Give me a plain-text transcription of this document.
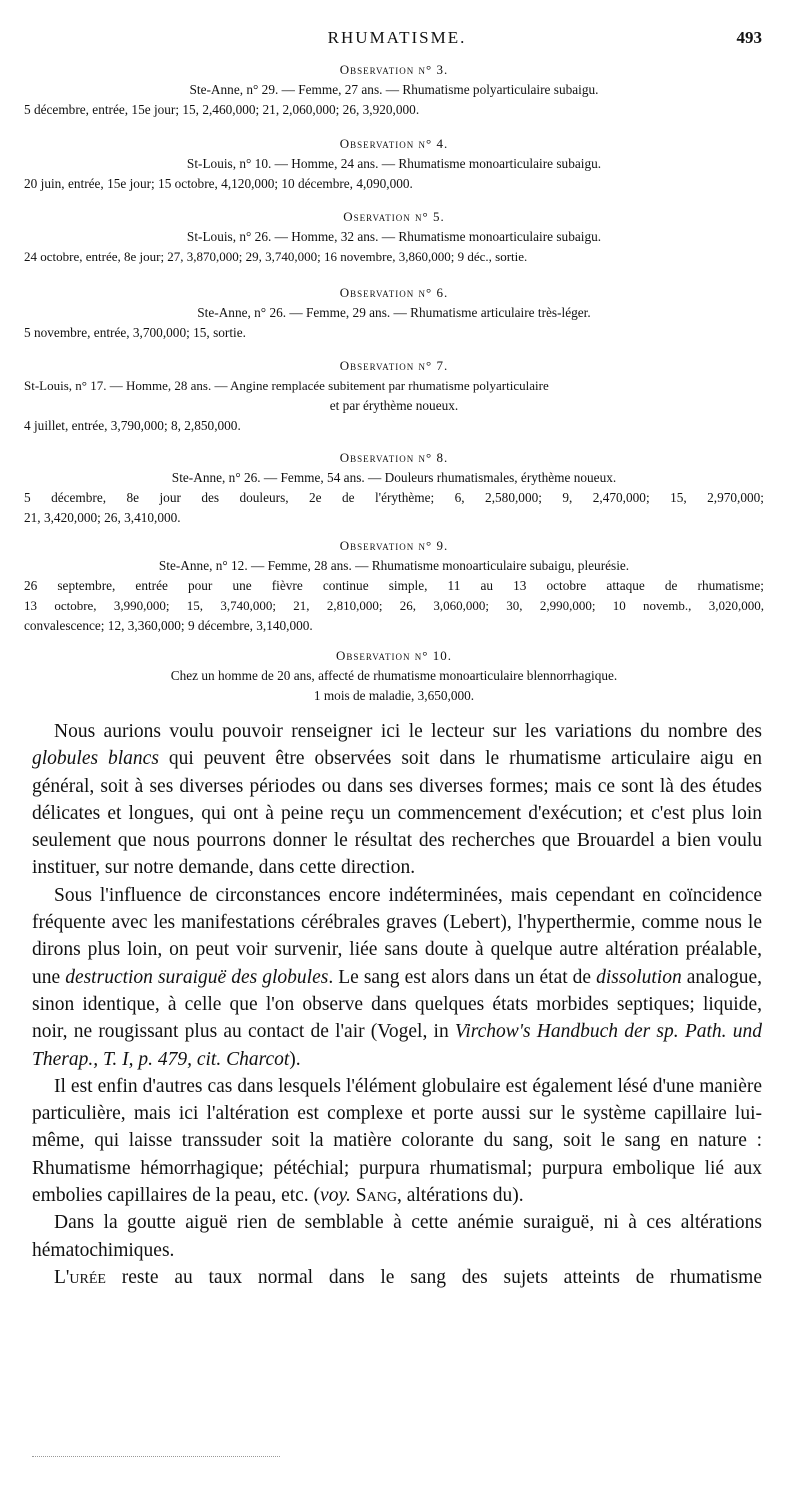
RHUMATISME.	493
Observation n° 3.
Ste-Anne, n° 29. — Femme, 27 ans. — Rhumatisme polyarticulaire subaigu.
5 décembre, entrée, 15e jour; 15, 2,460,000; 21, 2,060,000; 26, 3,920,000.
Observation n° 4.
St-Louis, n° 10. — Homme, 24 ans. — Rhumatisme monoarticulaire subaigu.
20 juin, entrée, 15e jour; 15 octobre, 4,120,000; 10 décembre, 4,090,000.
Oservation n° 5.
St-Louis, n° 26. — Homme, 32 ans. — Rhumatisme monoarticulaire subaigu.
24 octobre, entrée, 8e jour; 27, 3,870,000; 29, 3,740,000; 16 novembre, 3,860,000; 9 déc., sortie.
Observation n° 6.
Ste-Anne, n° 26. — Femme, 29 ans. — Rhumatisme articulaire très-léger.
5 novembre, entrée, 3,700,000; 15, sortie.
Observation n° 7.
St-Louis, n° 17. — Homme, 28 ans. — Angine remplacée subitement par rhumatisme polyarticulaire
et par érythème noueux.
4 juillet, entrée, 3,790,000; 8, 2,850,000.
Observation n° 8.
Ste-Anne, n° 26. — Femme, 54 ans. — Douleurs rhumatismales, érythème noueux.
5 décembre, 8e jour des douleurs, 2e de l'érythème; 6, 2,580,000; 9, 2,470,000; 15, 2,970,000;
21, 3,420,000; 26, 3,410,000.
Observation n° 9.
Ste-Anne, n° 12. — Femme, 28 ans. — Rhumatisme monoarticulaire subaigu, pleurésie.
26 septembre, entrée pour une fièvre continue simple, 11 au 13 octobre attaque de rhumatisme;
13 octobre, 3,990,000; 15, 3,740,000; 21, 2,810,000; 26, 3,060,000; 30, 2,990,000; 10 novemb., 3,020,000,
convalescence; 12, 3,360,000; 9 décembre, 3,140,000.
Observation n° 10.
Chez un homme de 20 ans, affecté de rhumatisme monoarticulaire blennorrhagique.
1 mois de maladie, 3,650,000.

Nous aurions voulu pouvoir renseigner ici le lecteur sur les variations du nombre des globules blancs qui peuvent être observées soit dans le rhumatisme articulaire aigu en général, soit à ses diverses périodes ou dans ses diverses formes; mais ce sont là des études délicates et longues, qui ont à peine reçu un commencement d'exécution; et c'est plus loin seulement que nous pourrons donner le résultat des recherches que Brouardel a bien voulu instituer, sur notre demande, dans cette direction.

Sous l'influence de circonstances encore indéterminées, mais cependant en coïncidence fréquente avec les manifestations cérébrales graves (Lebert), l'hyperthermie, comme nous le dirons plus loin, on peut voir survenir, liée sans doute à quelque autre altération préalable, une destruction suraiguë des globules. Le sang est alors dans un état de dissolution analogue, sinon identique, à celle que l'on observe dans quelques états morbides septiques; liquide, noir, ne rougissant plus au contact de l'air (Vogel, in Virchow's Handbuch der sp. Path. und Therap., T. I, p. 479, cit. Charcot).

Il est enfin d'autres cas dans lesquels l'élément globulaire est également lésé d'une manière particulière, mais ici l'altération est complexe et porte aussi sur le système capillaire lui-même, qui laisse transsuder soit la matière colorante du sang, soit le sang en nature : Rhumatisme hémorrhagique; pétéchial; purpura rhumatismal; purpura embolique lié aux embolies capillaires de la peau, etc. (voy. Sang, altérations du).

Dans la goutte aiguë rien de semblable à cette anémie suraiguë, ni à ces altérations hématochimiques.

L'urée reste au taux normal dans le sang des sujets atteints de rhumatisme
